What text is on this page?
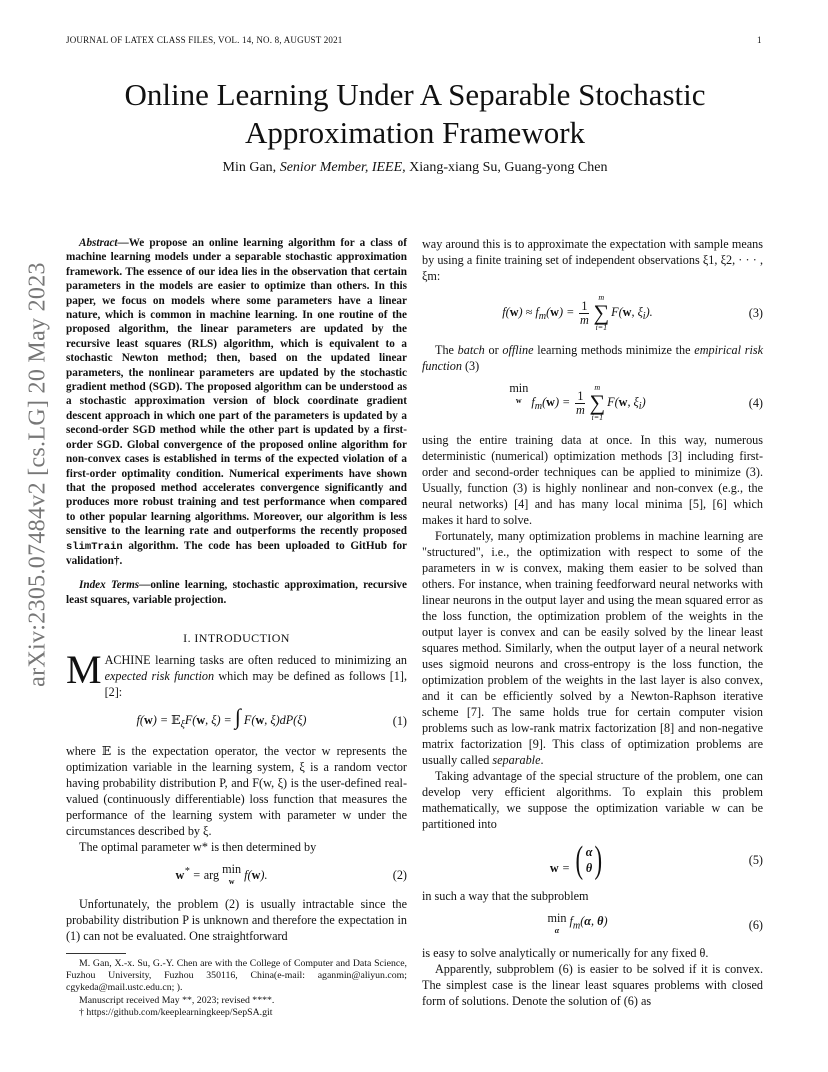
JOURNAL OF LATEX CLASS FILES, VOL. 14, NO. 8, AUGUST 2021	1
Online Learning Under A Separable Stochastic Approximation Framework
Min Gan, Senior Member, IEEE, Xiang-xiang Su, Guang-yong Chen
arXiv:2305.07484v2 [cs.LG] 20 May 2023

Abstract—We propose an online learning algorithm for a class of machine learning models under a separable stochastic approximation framework. The essence of our idea lies in the observation that certain parameters in the models are easier to optimize than others. In this paper, we focus on models where some parameters have a linear nature, which is common in machine learning. In one routine of the proposed algorithm, the linear parameters are updated by the recursive least squares (RLS) algorithm, which is equivalent to a stochastic Newton method; then, based on the updated linear parameters, the nonlinear parameters are updated by the stochastic gradient method (SGD). The proposed algorithm can be understood as a stochastic approximation version of block coordinate gradient descent approach in which one part of the parameters is updated by a second-order SGD method while the other part is updated by a first-order SGD. Global convergence of the proposed online algorithm for non-convex cases is established in terms of the expected violation of a first-order optimality condition. Numerical experiments have shown that the proposed method accelerates convergence significantly and produces more robust training and test performance when compared to other popular learning algorithms. Moreover, our algorithm is less sensitive to the learning rate and outperforms the recently proposed slimTrain algorithm. The code has been uploaded to GitHub for validation†.

Index Terms—online learning, stochastic approximation, recursive least squares, variable projection.

I. INTRODUCTION

MACHINE learning tasks are often reduced to minimizing an expected risk function which may be defined as follows [1], [2]:

f(w) = 𝔼$_\xi$F(w, ξ) = ∫ F(w, ξ)dP(ξ)	(1)

where 𝔼 is the expectation operator, the vector w represents the optimization variable in the learning system, ξ is a random vector having probability distribution P, and F(w, ξ) is the user-defined real-valued (continuously differentiable) loss function that measures the performance of the learning system with parameter w under the circumstances described by ξ.

The optimal parameter w* is then determined by

w* = arg min
w f(w).	(2)

Unfortunately, the problem (2) is usually intractable since the probability distribution P is unknown and therefore the expectation in (1) can not be evaluated. One straightforward

M. Gan, X.-x. Su, G.-Y. Chen are with the College of Computer and Data Science, Fuzhou University, Fuzhou 350116, China(e-mail: aganmin@aliyun.com; cgykeda@mail.ustc.edu.cn; ).

Manuscript received May **, 2023; revised ****.

† https://github.com/keeplearningkeep/SepSA.git

way around this is to approximate the expectation with sample means by using a finite training set of independent observations ξ1, ξ2, · · · , ξm:

$f(w) \approx f_m(w) = \frac{1}{m}$
m
∑
i=1
F(w, $\xi_i$).	(3)

The batch or offline learning methods minimize the empirical risk function (3)

min
w $f_m(w) = \frac{1}{m}$
m
∑
i=1
F(w, $\xi_i$)	(4)

using the entire training data at once. In this way, numerous deterministic (numerical) optimization methods [3] including first-order and second-order techniques can be applied to minimize (3). Usually, function (3) is highly nonlinear and non-convex (e.g., the neural networks) [4] and has many local minima [5], [6] which makes it hard to solve.

Fortunately, many optimization problems in machine learning are "structured", i.e., the optimization with respect to some of the parameters in w is convex, making them easier to be solved than others. For instance, when training feedforward neural networks with linear neurons in the output layer and using the mean squared error as the loss function, the optimization problem of the weights in the output layer is convex and can be easily solved by the linear least squares method. Similarly, when the output layer of a neural network uses sigmoid neurons and cross-entropy is the loss function, the optimization problem of the weights in the last layer is also convex, and it can be efficiently solved by a Newton-Raphson iterative scheme [7]. The same holds true for certain computer vision problems such as low-rank matrix factorization [8] and non-negative matrix factorization [9]. This class of optimization problems are usually called separable.

Taking advantage of the special structure of the problem, one can develop very efficient algorithms. To explain this problem mathematically, we suppose the optimization variable w can be partitioned into

w = ( α
θ )	(5)

in such a way that the subproblem

min
α $f_m(\alpha$, θ)	(6)

is easy to solve analytically or numerically for any fixed θ.

Apparently, subproblem (6) is easier to be solved if it is convex. The simplest case is the linear least squares problems with closed form of solutions. Denote the solution of (6) as
